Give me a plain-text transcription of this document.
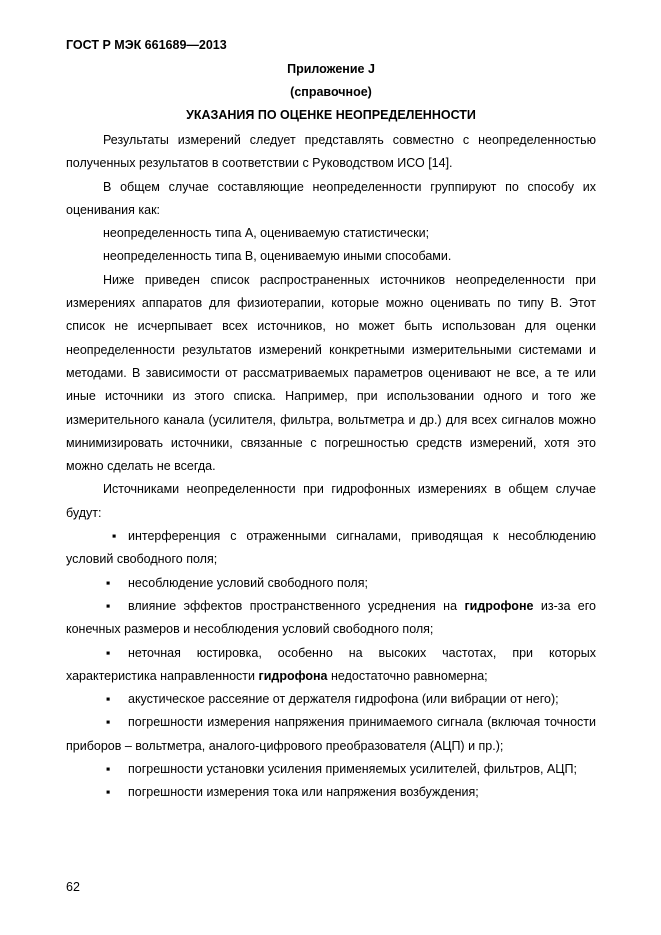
ГОСТ Р МЭК 661689—2013
Приложение J
(справочное)
УКАЗАНИЯ ПО ОЦЕНКЕ НЕОПРЕДЕЛЕННОСТИ

Результаты измерений следует представлять совместно с неопределенностью полученных результатов в соответствии с Руководством ИСО [14].

В общем случае составляющие неопределенности группируют по способу их оценивания как:

неопределенность типа А, оцениваемую статистически;

неопределенность типа В, оцениваемую иными способами.

Ниже приведен список распространенных источников неопределенности при измерениях аппаратов для физиотерапии, которые можно оценивать по типу В. Этот список не исчерпывает всех источников, но может быть использован для оценки неопределенности результатов измерений конкретными измерительными системами и методами. В зависимости от рассматриваемых параметров оценивают не все, а те или иные источники из этого списка. Например, при использовании одного и того же измерительного канала (усилителя, фильтра, вольтметра и др.) для всех сигналов можно минимизировать источники, связанные с погрешностью средств измерений, хотя это можно сделать не всегда.

Источниками неопределенности при гидрофонных измерениях в общем случае будут:

▪ интерференция с отраженными сигналами, приводящая к несоблюдению условий свободного поля;
▪ несоблюдение условий свободного поля;
▪ влияние эффектов пространственного усреднения на гидрофоне из-за его конечных размеров и несоблюдения условий свободного поля;
▪ неточная юстировка, особенно на высоких частотах, при которых характеристика направленности гидрофона недостаточно равномерна;
▪ акустическое рассеяние от держателя гидрофона (или вибрации от него);
▪ погрешности измерения напряжения принимаемого сигнала (включая точности приборов – вольтметра, аналого-цифрового преобразователя (АЦП) и пр.);
▪ погрешности установки усиления применяемых усилителей, фильтров, АЦП;
▪ погрешности измерения тока или напряжения возбуждения;
62
